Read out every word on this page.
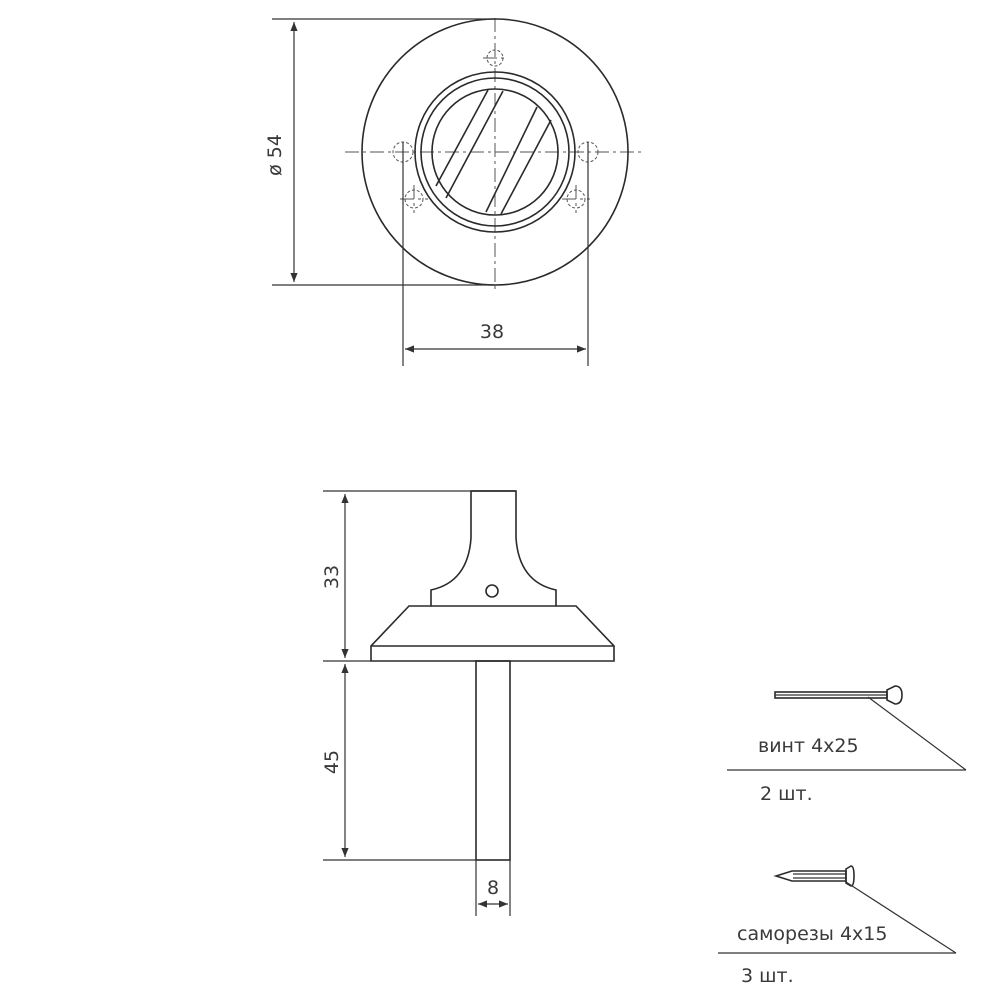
ø 54
38
33
45
8
винт 4x25
2 шт.
саморезы 4x15
3 шт.
